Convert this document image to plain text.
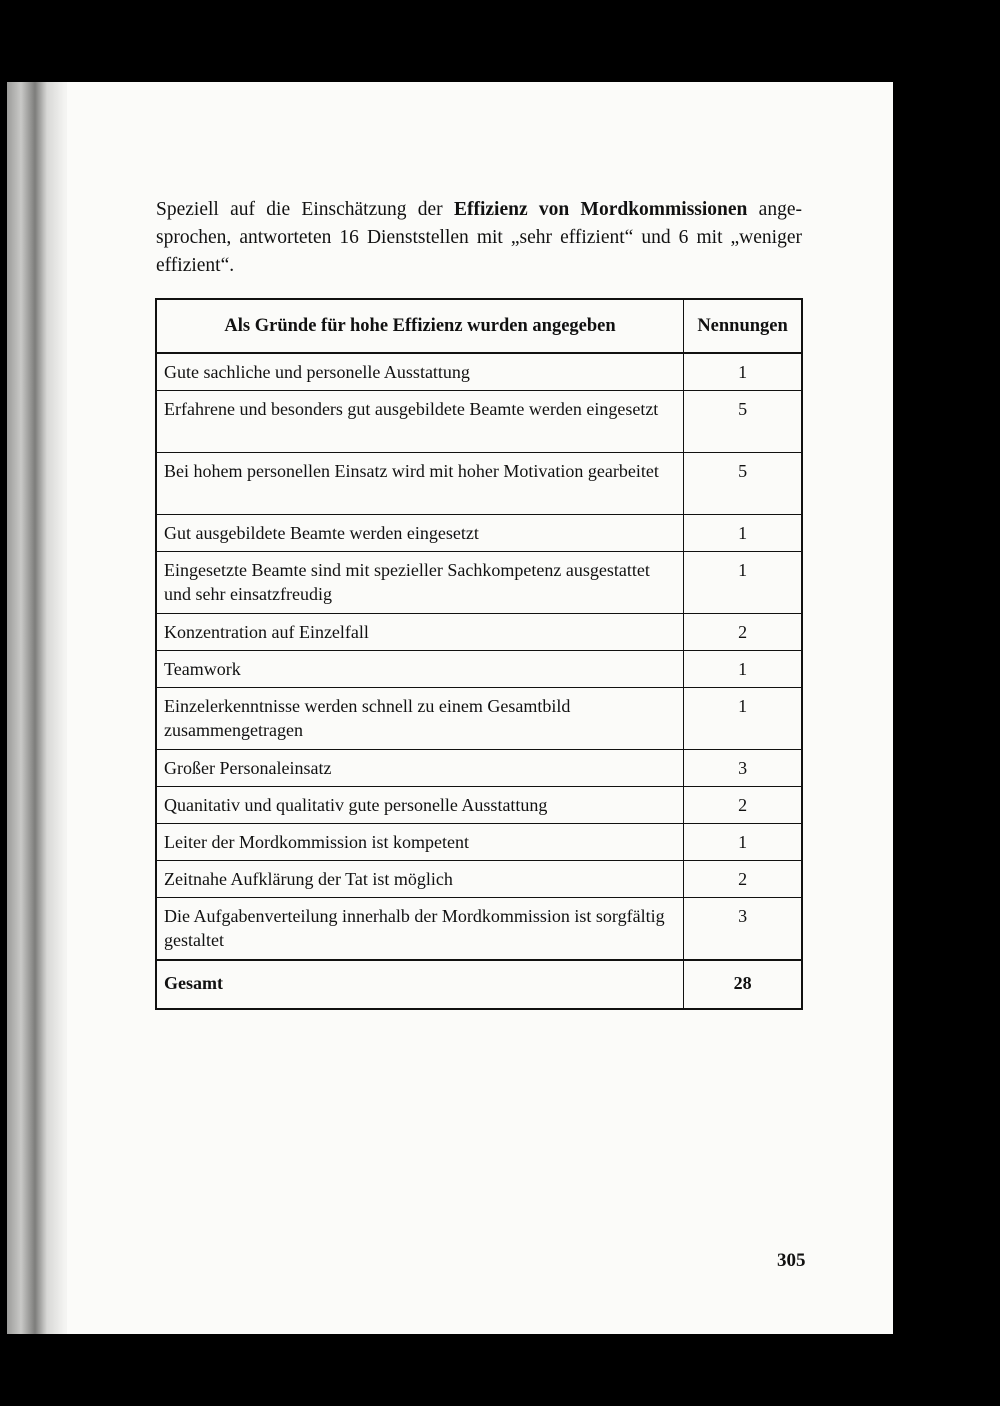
Speziell auf die Einschätzung der Effizienz von Mordkommissionen ange-sprochen, antworteten 16 Dienststellen mit „sehr effizient“ und 6 mit „weniger effizient“.

Als Gründe für hohe Effizienz wurden angegeben	Nennungen
Gute sachliche und personelle Ausstattung	1
Erfahrene und besonders gut ausgebildete Beamte werden eingesetzt	5
Bei hohem personellen Einsatz wird mit hoher Motivation gearbeitet	5
Gut ausgebildete Beamte werden eingesetzt	1
Eingesetzte Beamte sind mit spezieller Sachkompetenz ausgestattet und sehr einsatzfreudig	1
Konzentration auf Einzelfall	2
Teamwork	1
Einzelerkenntnisse werden schnell zu einem Gesamtbild zusammengetragen	1
Großer Personaleinsatz	3
Quanitativ und qualitativ gute personelle Ausstattung	2
Leiter der Mordkommission ist kompetent	1
Zeitnahe Aufklärung der Tat ist möglich	2
Die Aufgabenverteilung innerhalb der Mordkommission ist sorgfältig gestaltet	3
Gesamt	28
305
